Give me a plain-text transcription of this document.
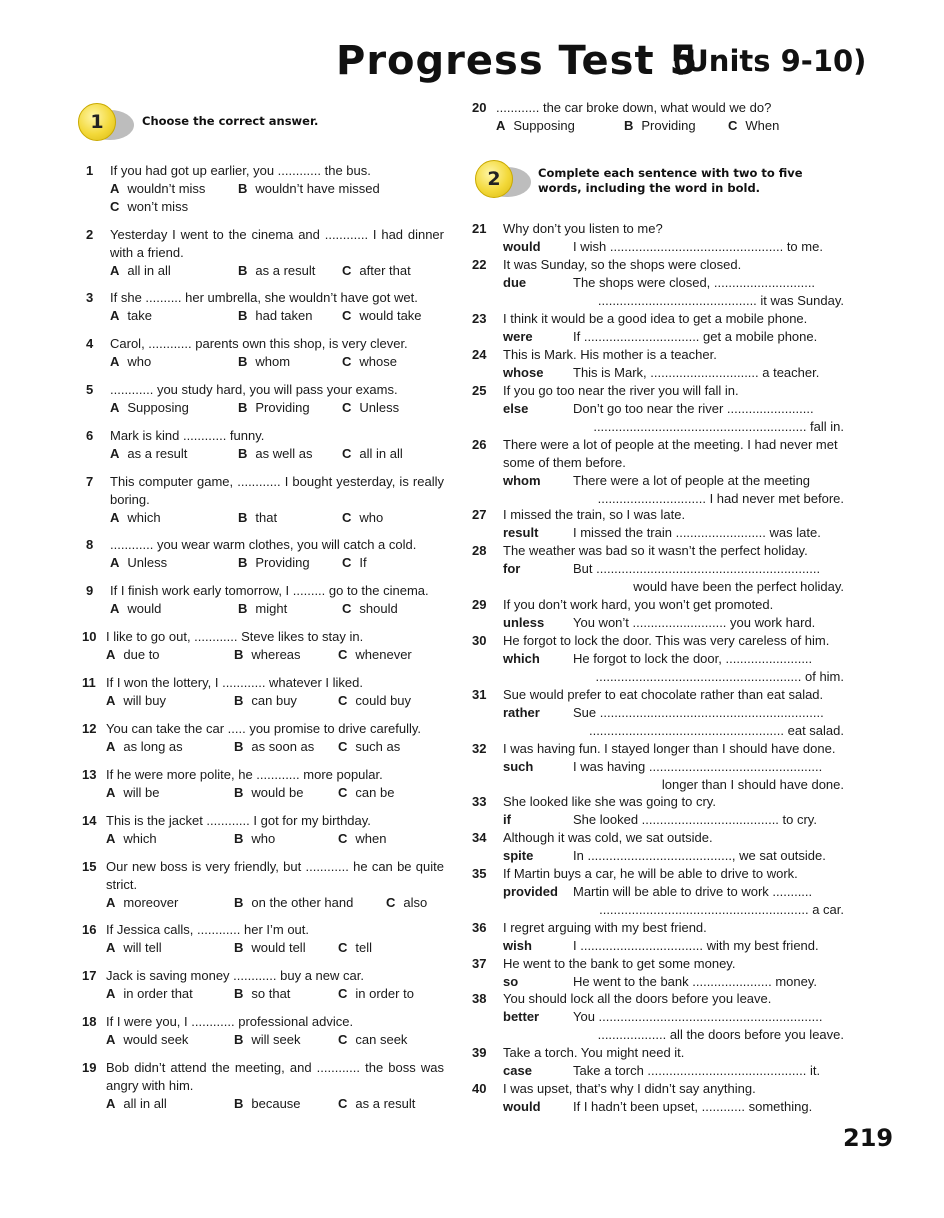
Progress Test 5
(Units 9-10)
1	Choose the correct answer.
1	If you had got up earlier, you ............ the bus.
A wouldn’t miss	B wouldn’t have missed
C won’t miss
2	Yesterday I went to the cinema and ............ I had dinner with a friend.
A all in all	B as a result C after that
3	If she .......... her umbrella, she wouldn’t have got wet.
A take	B had taken C would take
4	Carol, ............ parents own this shop, is very clever.
A who	B whom	C whose
5	............ you study hard, you will pass your exams.
A Supposing	B Providing C Unless
6	Mark is kind ............ funny.
A as a result	B as well as C all in all
7	This computer game, ............ I bought yesterday, is really boring.
A which	B that	C who
8	............ you wear warm clothes, you will catch a cold.
A Unless	B Providing C If
9	If I finish work early tomorrow, I ......... go to the cinema.
A would	B might	C should
10 I like to go out, ............ Steve likes to stay in.
A due to	B whereas	C whenever
11 If I won the lottery, I ............ whatever I liked.
A will buy	B can buy	C could buy
12 You can take the car ..... you promise to drive carefully.
A as long as	B as soon as C such as
13 If he were more polite, he ............ more popular.
A will be	B would be	C can be
14 This is the jacket ............ I got for my birthday.
A which	B who	C when
15 Our new boss is very friendly, but ............ he can be quite strict.
A moreover	B on the other hand	C also
16 If Jessica calls, ............ her I’m out.
A will tell	B would tell C tell
17 Jack is saving money ............ buy a new car.
A in order that	B so that	C in order to
18 If I were you, I ............ professional advice.
A would seek	B will seek	C can seek
19 Bob didn’t attend the meeting, and ............ the boss was angry with him.
A all in all	B because	C as a result
20 ............ the car broke down, what would we do?
A Supposing	B Providing C When
2	Complete each sentence with two to five words, including the word in bold.
21 Why don’t you listen to me?
would	I wish ................................................ to me.
22 It was Sunday, so the shops were closed.
due	The shops were closed, ............................
............................................ it was Sunday.
23 I think it would be a good idea to get a mobile phone.
were	If ................................ get a mobile phone.
24 This is Mark. His mother is a teacher.
whose	This is Mark, .............................. a teacher.
25 If you go too near the river you will fall in.
else	Don’t go too near the river ........................
........................................................... fall in.
26 There were a lot of people at the meeting. I had never met some of them before.
whom	There were a lot of people at the meeting
.............................. I had never met before.
27 I missed the train, so I was late.
result	I missed the train ......................... was late.
28 The weather was bad so it wasn’t the perfect holiday.
for	But ..............................................................
would have been the perfect holiday.
29 If you don’t work hard, you won’t get promoted.
unless	You won’t .......................... you work hard.
30 He forgot to lock the door. This was very careless of him.
which	He forgot to lock the door, ........................
......................................................... of him.
31 Sue would prefer to eat chocolate rather than eat salad.
rather	Sue ..............................................................
...................................................... eat salad.
32 I was having fun. I stayed longer than I should have done.
such	I was having ................................................
longer than I should have done.
33 She looked like she was going to cry.
if	She looked ...................................... to cry.
34 Although it was cold, we sat outside.
spite	In ........................................, we sat outside.
35 If Martin buys a car, he will be able to drive to work.
provided	Martin will be able to drive to work ...........
.......................................................... a car.
36 I regret arguing with my best friend.
wish	I .................................. with my best friend.
37 He went to the bank to get some money.
so	He went to the bank ...................... money.
38 You should lock all the doors before you leave.
better	You ..............................................................
................... all the doors before you leave.
39 Take a torch. You might need it.
case	Take a torch ............................................ it.
40 I was upset, that’s why I didn’t say anything.
would	If I hadn’t been upset, ............ something.
219
